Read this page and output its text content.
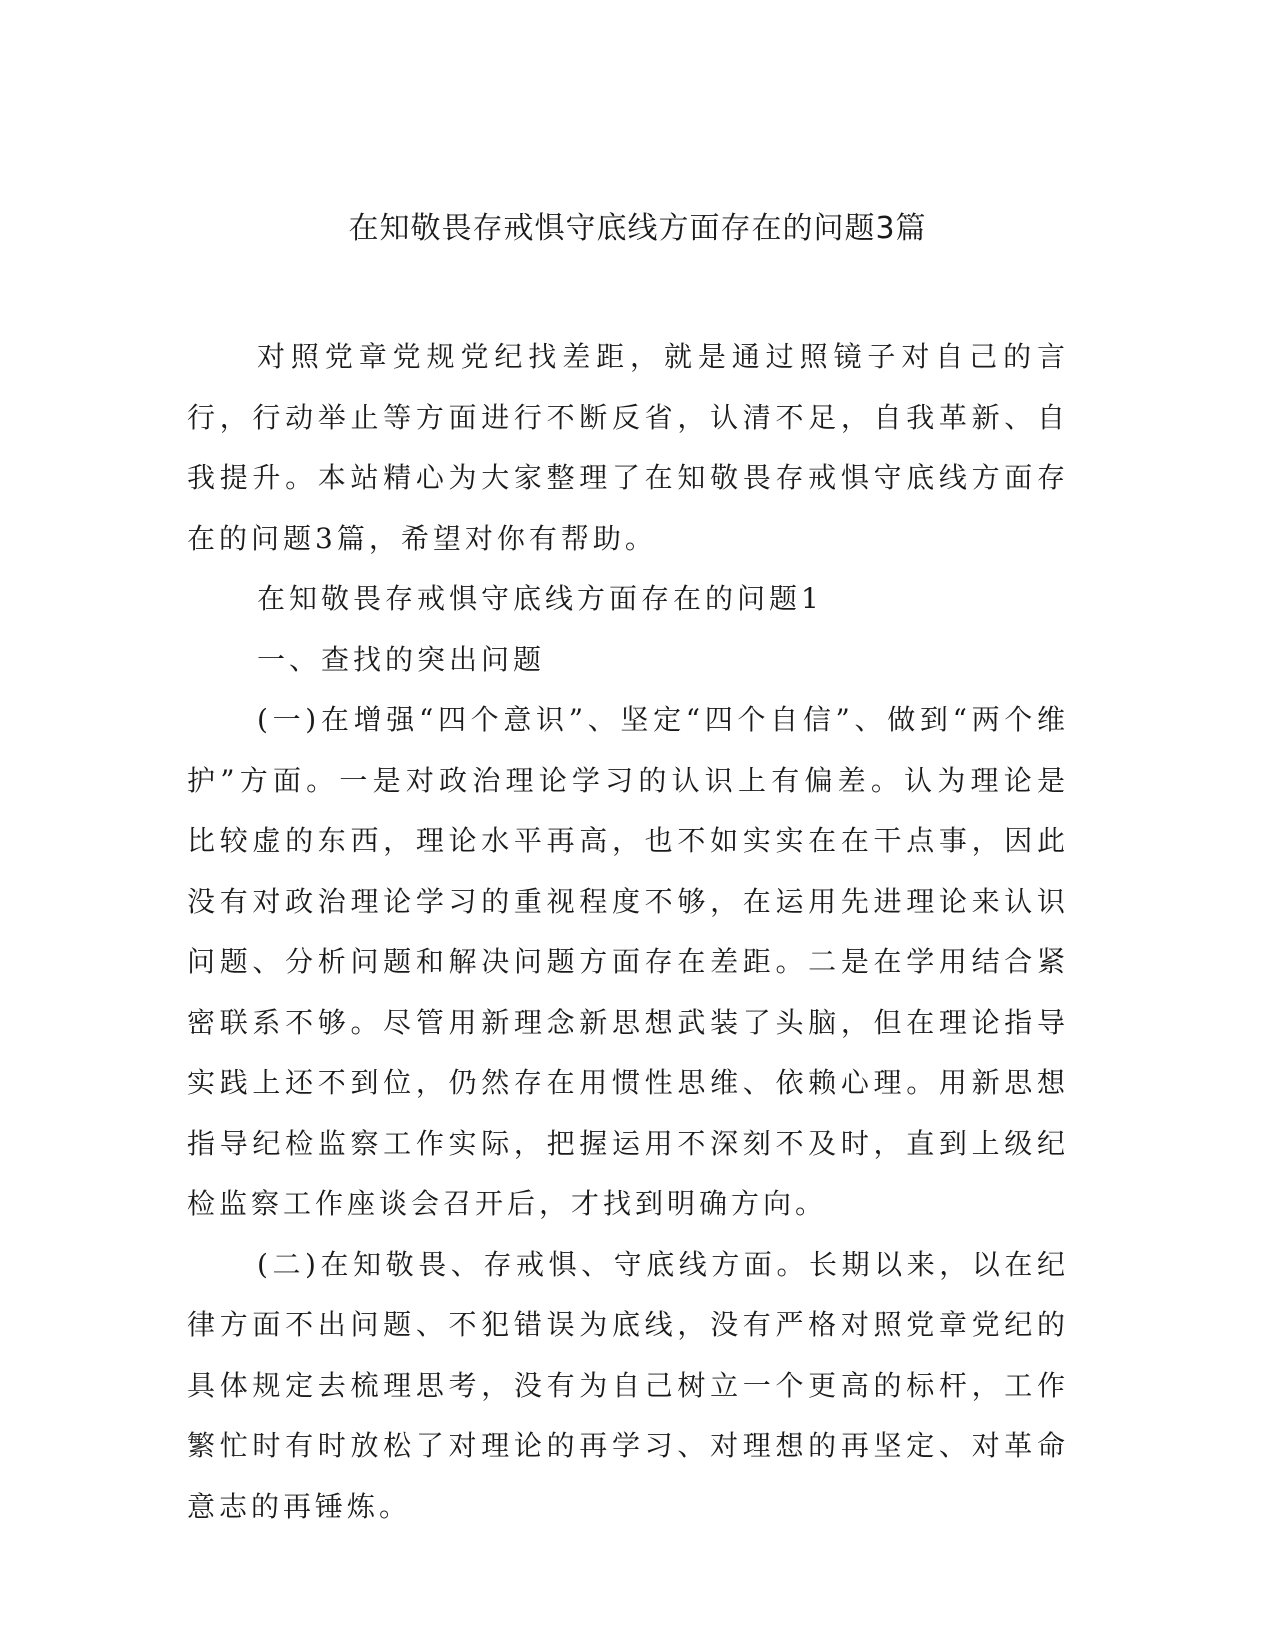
在知敬畏存戒惧守底线方面存在的问题3篇

对照党章党规党纪找差距，就是通过照镜子对自己的言行，行动举止等方面进行不断反省，认清不足，自我革新、自我提升。本站精心为大家整理了在知敬畏存戒惧守底线方面存在的问题3篇，希望对你有帮助。

在知敬畏存戒惧守底线方面存在的问题1

一、查找的突出问题

(一)在增强“四个意识”、坚定“四个自信”、做到“两个维护”方面。一是对政治理论学习的认识上有偏差。认为理论是比较虚的东西，理论水平再高，也不如实实在在干点事，因此没有对政治理论学习的重视程度不够，在运用先进理论来认识问题、分析问题和解决问题方面存在差距。二是在学用结合紧密联系不够。尽管用新理念新思想武装了头脑，但在理论指导实践上还不到位，仍然存在用惯性思维、依赖心理。用新思想指导纪检监察工作实际，把握运用不深刻不及时，直到上级纪检监察工作座谈会召开后，才找到明确方向。

(二)在知敬畏、存戒惧、守底线方面。长期以来，以在纪律方面不出问题、不犯错误为底线，没有严格对照党章党纪的具体规定去梳理思考，没有为自己树立一个更高的标杆，工作繁忙时有时放松了对理论的再学习、对理想的再坚定、对革命意志的再锤炼。
